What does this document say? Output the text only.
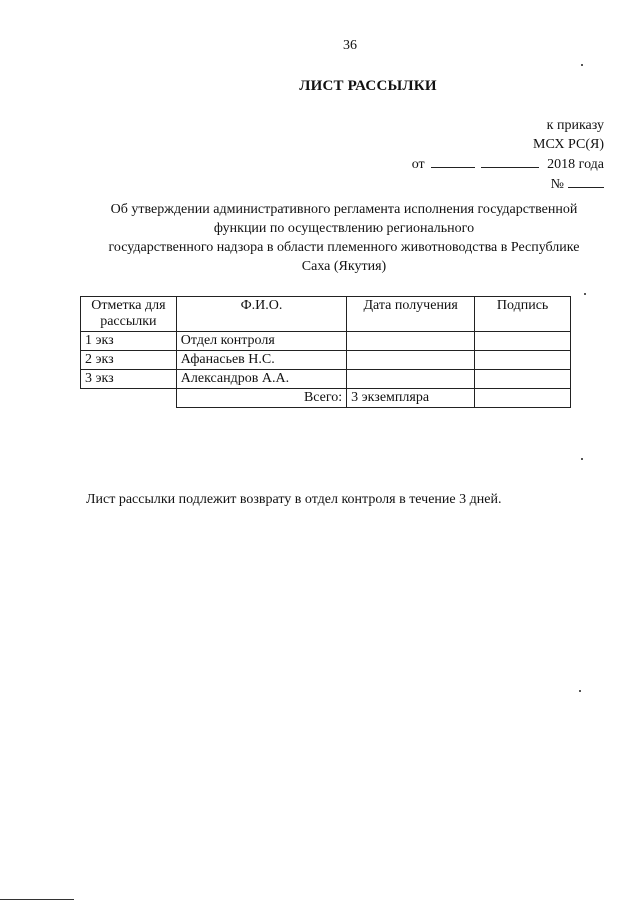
36
ЛИСТ РАССЫЛКИ
к приказу
МСХ РС(Я)
от	2018 года
№
Об утверждении административного регламента исполнения государственной
функции по осуществлению регионального
государственного надзора в области племенного животноводства в Республике
Саха (Якутия)
Отметка для рассылки	Ф.И.О.	Дата получения	Подпись
1 экз	Отдел контроля		
2 экз	Афанасьев Н.С.		
3 экз	Александров А.А.		
	Всего:	3 экземпляра	
Лист рассылки подлежит возврату в отдел контроля в течение 3 дней.
